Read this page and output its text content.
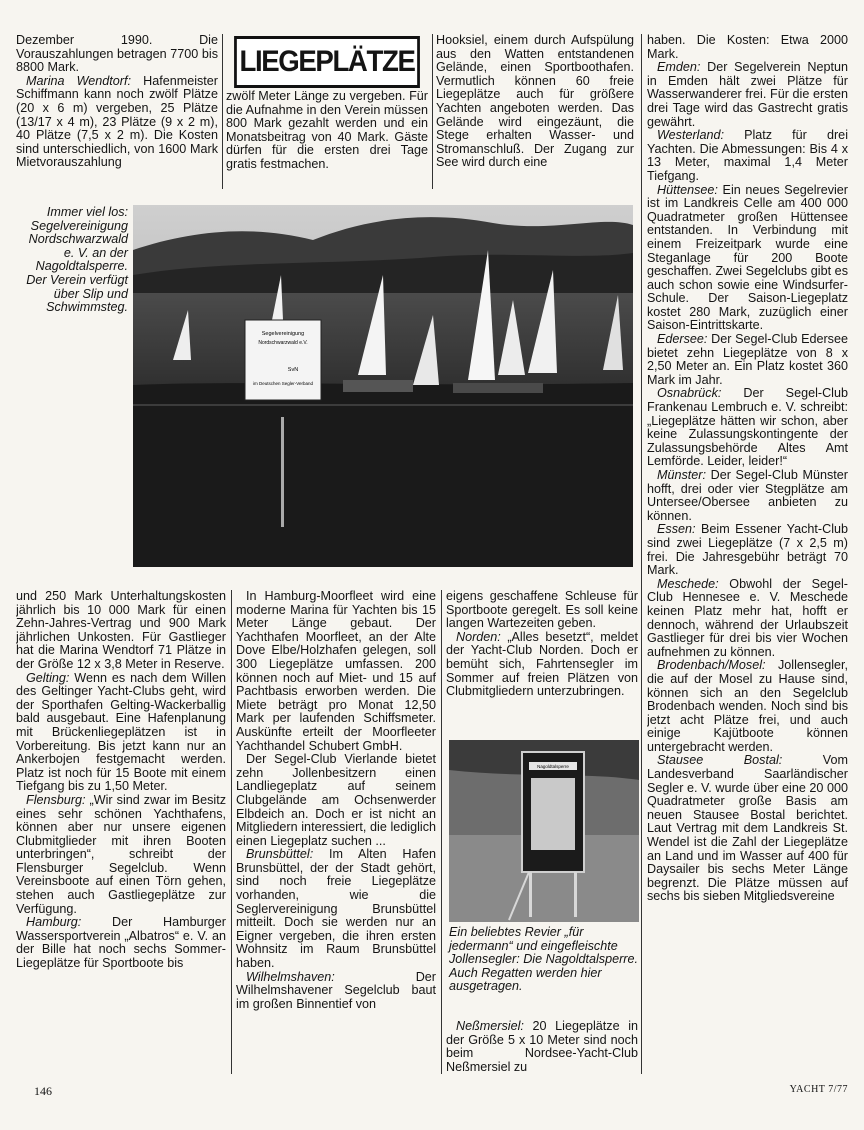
LIEGEPLÄTZE

Dezember 1990. Die Vorauszahlungen betragen 7700 bis 8800 Mark.

Marina Wendtorf: Hafenmeister Schiffmann kann noch zwölf Plätze (20 x 6 m) vergeben, 25 Plätze (13/17 x 4 m), 23 Plätze (9 x 2 m), 40 Plätze (7,5 x 2 m). Die Kosten sind unterschiedlich, von 1600 Mark Mietvorauszahlung

zwölf Meter Länge zu vergeben. Für die Aufnahme in den Verein müssen 800 Mark gezahlt werden und ein Monatsbeitrag von 40 Mark. Gäste dürfen für die ersten drei Tage gratis festmachen.

Hooksiel, einem durch Aufspülung aus den Watten entstandenen Gelände, einen Sportboothafen. Vermutlich können 60 freie Liegeplätze auch für größere Yachten angeboten werden. Das Gelände wird eingezäunt, die Stege erhalten Wasser- und Stromanschluß. Der Zugang zur See wird durch eine

haben. Die Kosten: Etwa 2000 Mark.

Emden: Der Segelverein Neptun in Emden hält zwei Plätze für Wasserwanderer frei. Für die ersten drei Tage wird das Gastrecht gratis gewährt.

Westerland: Platz für drei Yachten. Die Abmessungen: Bis 4 x 13 Meter, maximal 1,4 Meter Tiefgang.

Hüttensee: Ein neues Segelrevier ist im Landkreis Celle am 400 000 Quadratmeter großen Hüttensee entstanden. In Verbindung mit einem Freizeitpark wurde eine Steganlage für 200 Boote geschaffen. Zwei Segelclubs gibt es auch schon sowie eine Windsurfer-Schule. Der Saison-Liegeplatz kostet 280 Mark, zuzüglich einer Saison-Eintrittskarte.

Edersee: Der Segel-Club Edersee bietet zehn Liegeplätze von 8 x 2,50 Meter an. Ein Platz kostet 360 Mark im Jahr.

Osnabrück: Der Segel-Club Frankenau Lembruch e. V. schreibt: „Liegeplätze hätten wir schon, aber keine Zulassungskontingente der Zulassungsbehörde Altes Amt Lemförde. Leider, leider!“

Münster: Der Segel-Club Münster hofft, drei oder vier Stegplätze am Untersee/Obersee anbieten zu können.

Essen: Beim Essener Yacht-Club sind zwei Liegeplätze (7 x 2,5 m) frei. Die Jahresgebühr beträgt 70 Mark.

Meschede: Obwohl der Segel-Club Hennesee e. V. Meschede keinen Platz mehr hat, hofft er dennoch, während der Urlaubszeit Gastlieger für drei bis vier Wochen aufnehmen zu können.

Brodenbach/Mosel: Jollensegler, die auf der Mosel zu Hause sind, können sich an den Segelclub Brodenbach wenden. Noch sind bis jetzt acht Plätze frei, und auch einige Kajütboote können untergebracht werden.

Stausee Bostal: Vom Landesverband Saarländischer Segler e. V. wurde über eine 20 000 Quadratmeter große Basis am neuen Stausee Bostal berichtet. Laut Vertrag mit dem Landkreis St. Wendel ist die Zahl der Liegeplätze an Land und im Wasser auf 400 für Daysailer bis sechs Meter Länge begrenzt. Die Plätze müssen auf sechs bis sieben Mitgliedsvereine

Immer viel los: Segelvereinigung Nordschwarzwald e. V. an der Nagoldtalsperre. Der Verein verfügt über Slip und Schwimmsteg.
Segelvereinigung
Nordschwarzwald e.V.
SvN
im Deutschen Segler-Verband

und 250 Mark Unterhaltungskosten jährlich bis 10 000 Mark für einen Zehn-Jahres-Vertrag und 900 Mark jährlichen Unkosten. Für Gastlieger hat die Marina Wendtorf 71 Plätze in der Größe 12 x 3,8 Meter in Reserve.

Gelting: Wenn es nach dem Willen des Geltinger Yacht-Clubs geht, wird der Sporthafen Gelting-Wackerballig bald ausgebaut. Eine Hafenplanung mit Brückenliegeplätzen ist in Vorbereitung. Bis jetzt kann nur an Ankerbojen festgemacht werden. Platz ist noch für 15 Boote mit einem Tiefgang bis zu 1,50 Meter.

Flensburg: „Wir sind zwar im Besitz eines sehr schönen Yachthafens, können aber nur unsere eigenen Clubmitglieder mit ihren Booten unterbringen“, schreibt der Flensburger Segelclub. Wenn Vereinsboote auf einen Törn gehen, stehen auch Gastliegeplätze zur Verfügung.

Hamburg: Der Hamburger Wassersportverein „Albatros“ e. V. an der Bille hat noch sechs Sommer-Liegeplätze für Sportboote bis

In Hamburg-Moorfleet wird eine moderne Marina für Yachten bis 15 Meter Länge gebaut. Der Yachthafen Moorfleet, an der Alte Dove Elbe/Holzhafen gelegen, soll 300 Liegeplätze umfassen. 200 können noch auf Miet- und 15 auf Pachtbasis erworben werden. Die Miete beträgt pro Monat 12,50 Mark per laufenden Schiffsmeter. Auskünfte erteilt der Moorfleeter Yachthandel Schubert GmbH.

Der Segel-Club Vierlande bietet zehn Jollenbesitzern einen Landliegeplatz auf seinem Clubgelände am Ochsenwerder Elbdeich an. Doch er ist nicht an Mitgliedern interessiert, die lediglich einen Liegeplatz suchen ...

Brunsbüttel: Im Alten Hafen Brunsbüttel, der der Stadt gehört, sind noch freie Liegeplätze vorhanden, wie die Seglervereinigung Brunsbüttel mitteilt. Doch sie werden nur an Eigner vergeben, die ihren ersten Wohnsitz im Raum Brunsbüttel haben.

Wilhelmshaven: Der Wilhelmshavener Segelclub baut im großen Binnentief von

eigens geschaffene Schleuse für Sportboote geregelt. Es soll keine langen Wartezeiten geben.

Norden: „Alles besetzt“, meldet der Yacht-Club Norden. Doch er bemüht sich, Fahrtensegler im Sommer auf freien Plätzen von Clubmitgliedern unterzubringen.

Nagoldtalsperre
Ein beliebtes Revier „für jedermann“ und eingefleischte Jollensegler: Die Nagoldtalsperre. Auch Regatten werden hier ausgetragen.

Neßmersiel: 20 Liegeplätze in der Größe 5 x 10 Meter sind noch beim Nordsee-Yacht-Club Neßmersiel zu

146	YACHT 7/77
